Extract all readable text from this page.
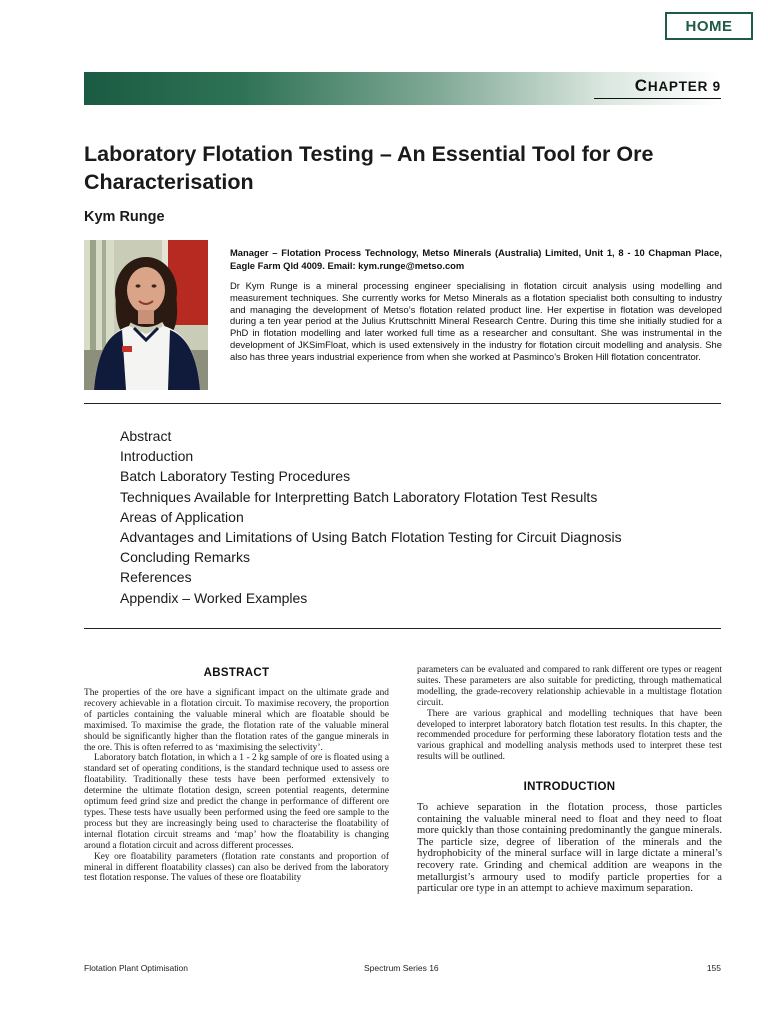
HOME
CHAPTER 9
Laboratory Flotation Testing – An Essential Tool for Ore Characterisation
Kym Runge
Manager – Flotation Process Technology, Metso Minerals (Australia) Limited, Unit 1, 8 - 10 Chapman Place, Eagle Farm Qld 4009. Email: kym.runge@metso.com
Dr Kym Runge is a mineral processing engineer specialising in flotation circuit analysis using modelling and measurement techniques. She currently works for Metso Minerals as a flotation specialist both consulting to industry and managing the development of Metso’s flotation related product line. Her expertise in flotation was developed during a ten year period at the Julius Kruttschnitt Mineral Research Centre. During this time she initially studied for a PhD in flotation modelling and later worked full time as a researcher and consultant. She was instrumental in the development of JKSimFloat, which is used extensively in the industry for flotation circuit modelling and analysis. She also has three years industrial experience from when she worked at Pasminco’s Broken Hill flotation concentrator.
Abstract
Introduction
Batch Laboratory Testing Procedures
Techniques Available for Interpretting Batch Laboratory Flotation Test Results
Areas of Application
Advantages and Limitations of Using Batch Flotation Testing for Circuit Diagnosis
Concluding Remarks
References
Appendix – Worked Examples
ABSTRACT

The properties of the ore have a significant impact on the ultimate grade and recovery achievable in a flotation circuit. To maximise recovery, the proportion of particles containing the valuable mineral which are floatable should be maximised. To maximise the grade, the flotation rate of the valuable mineral should be significantly higher than the flotation rates of the gangue minerals in the ore. This is often referred to as ‘maximising the selectivity’.

Laboratory batch flotation, in which a 1 - 2 kg sample of ore is floated using a standard set of operating conditions, is the standard technique used to assess ore floatability. Traditionally these tests have been performed extensively to determine the ultimate flotation design, screen potential reagents, determine optimum feed grind size and predict the change in performance of different ore types. These tests have usually been performed using the feed ore sample to the process but they are increasingly being used to characterise the floatability of internal flotation circuit streams and ‘map’ how the floatability is changing around a flotation circuit and across different processes.

Key ore floatability parameters (flotation rate constants and proportion of mineral in different floatability classes) can also be derived from the laboratory test flotation response. The values of these ore floatability

parameters can be evaluated and compared to rank different ore types or reagent suites. These parameters are also suitable for predicting, through mathematical modelling, the grade-recovery relationship achievable in a multistage flotation circuit.

There are various graphical and modelling techniques that have been developed to interpret laboratory batch flotation test results. In this chapter, the recommended procedure for performing these laboratory flotation tests and the various graphical and modelling analysis methods used to interpret these test results will be outlined.

INTRODUCTION

To achieve separation in the flotation process, those particles containing the valuable mineral need to float and they need to float more quickly than those containing predominantly the gangue minerals. The particle size, degree of liberation of the minerals and the hydrophobicity of the mineral surface will in large dictate a mineral’s recovery rate. Grinding and chemical addition are weapons in the metallurgist’s armoury used to modify particle properties for a particular ore type in an attempt to achieve maximum separation.

Flotation Plant Optimisation	Spectrum Series 16	155
